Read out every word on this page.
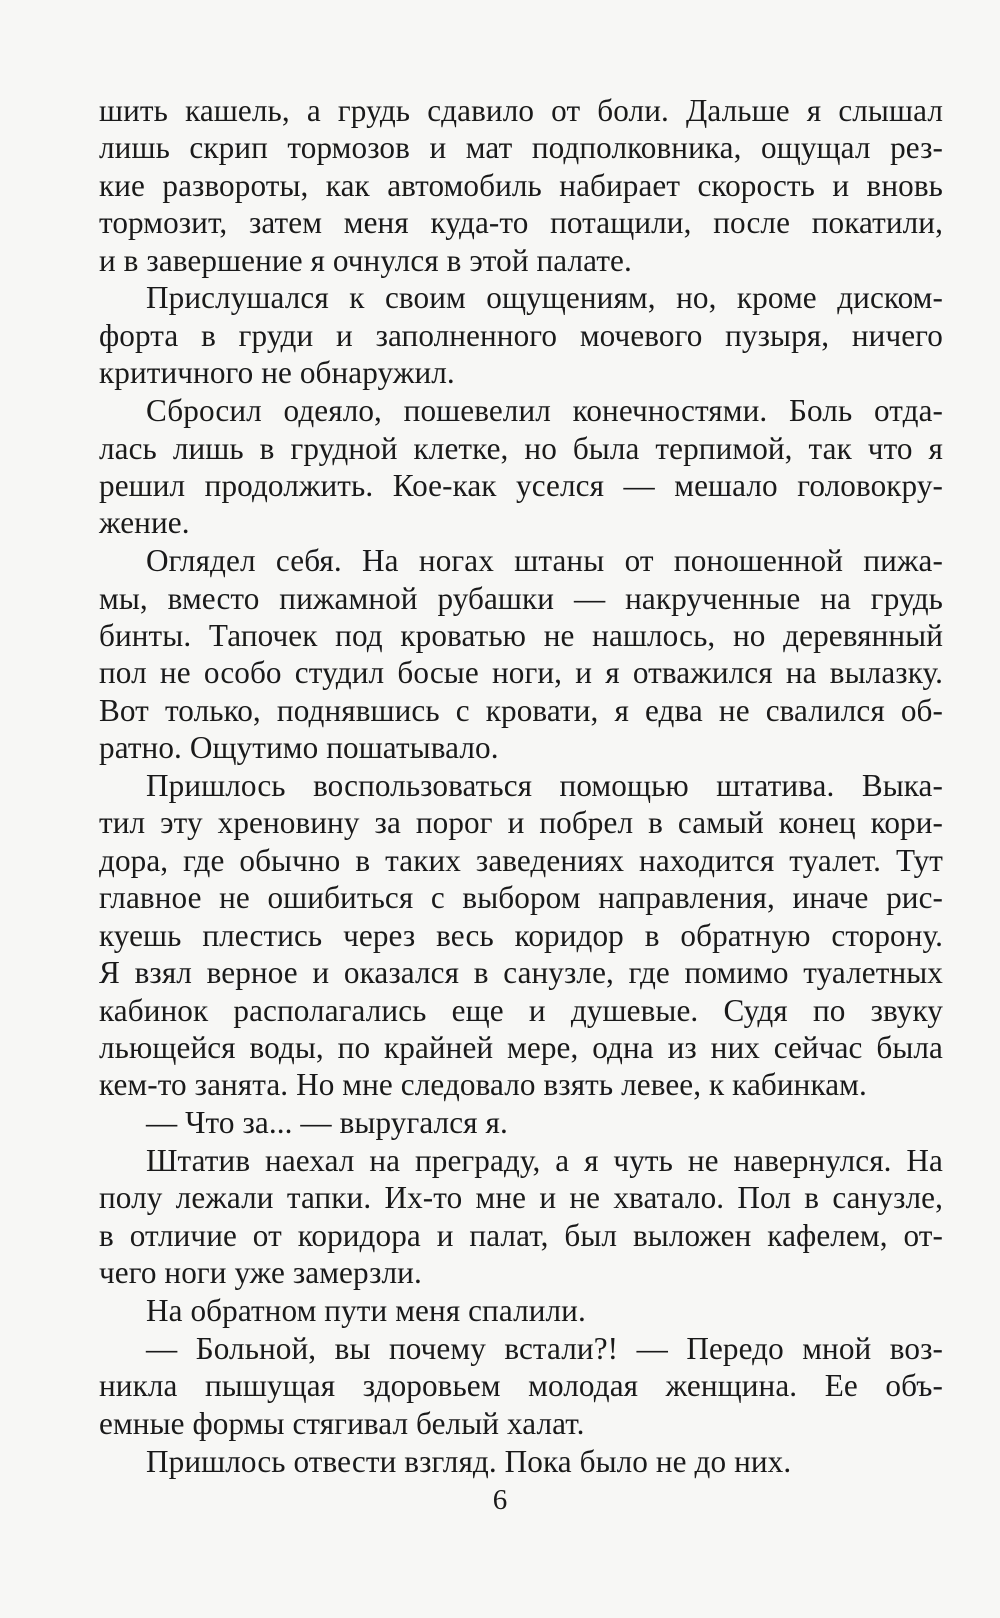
шить кашель, а грудь сдавило от боли. Дальше я слышал
лишь скрип тормозов и мат подполковника, ощущал рез-
кие развороты, как автомобиль набирает скорость и вновь
тормозит, затем меня куда-то потащили, после покатили,
и в завершение я очнулся в этой палате.
Прислушался к своим ощущениям, но, кроме диском-
форта в груди и заполненного мочевого пузыря, ничего
критичного не обнаружил.
Сбросил одеяло, пошевелил конечностями. Боль отда-
лась лишь в грудной клетке, но была терпимой, так что я
решил продолжить. Кое-как уселся — мешало головокру-
жение.
Оглядел себя. На ногах штаны от поношенной пижа-
мы, вместо пижамной рубашки — накрученные на грудь
бинты. Тапочек под кроватью не нашлось, но деревянный
пол не особо студил босые ноги, и я отважился на вылазку.
Вот только, поднявшись с кровати, я едва не свалился об-
ратно. Ощутимо пошатывало.
Пришлось воспользоваться помощью штатива. Выка-
тил эту хреновину за порог и побрел в самый конец кори-
дора, где обычно в таких заведениях находится туалет. Тут
главное не ошибиться с выбором направления, иначе рис-
куешь плестись через весь коридор в обратную сторону.
Я взял верное и оказался в санузле, где помимо туалетных
кабинок располагались еще и душевые. Судя по звуку
льющейся воды, по крайней мере, одна из них сейчас была
кем-то занята. Но мне следовало взять левее, к кабинкам.
— Что за... — выругался я.
Штатив наехал на преграду, а я чуть не навернулся. На
полу лежали тапки. Их-то мне и не хватало. Пол в санузле,
в отличие от коридора и палат, был выложен кафелем, от-
чего ноги уже замерзли.
На обратном пути меня спалили.
— Больной, вы почему встали?! — Передо мной воз-
никла пышущая здоровьем молодая женщина. Ее объ-
емные формы стягивал белый халат.
Пришлось отвести взгляд. Пока было не до них.
6
